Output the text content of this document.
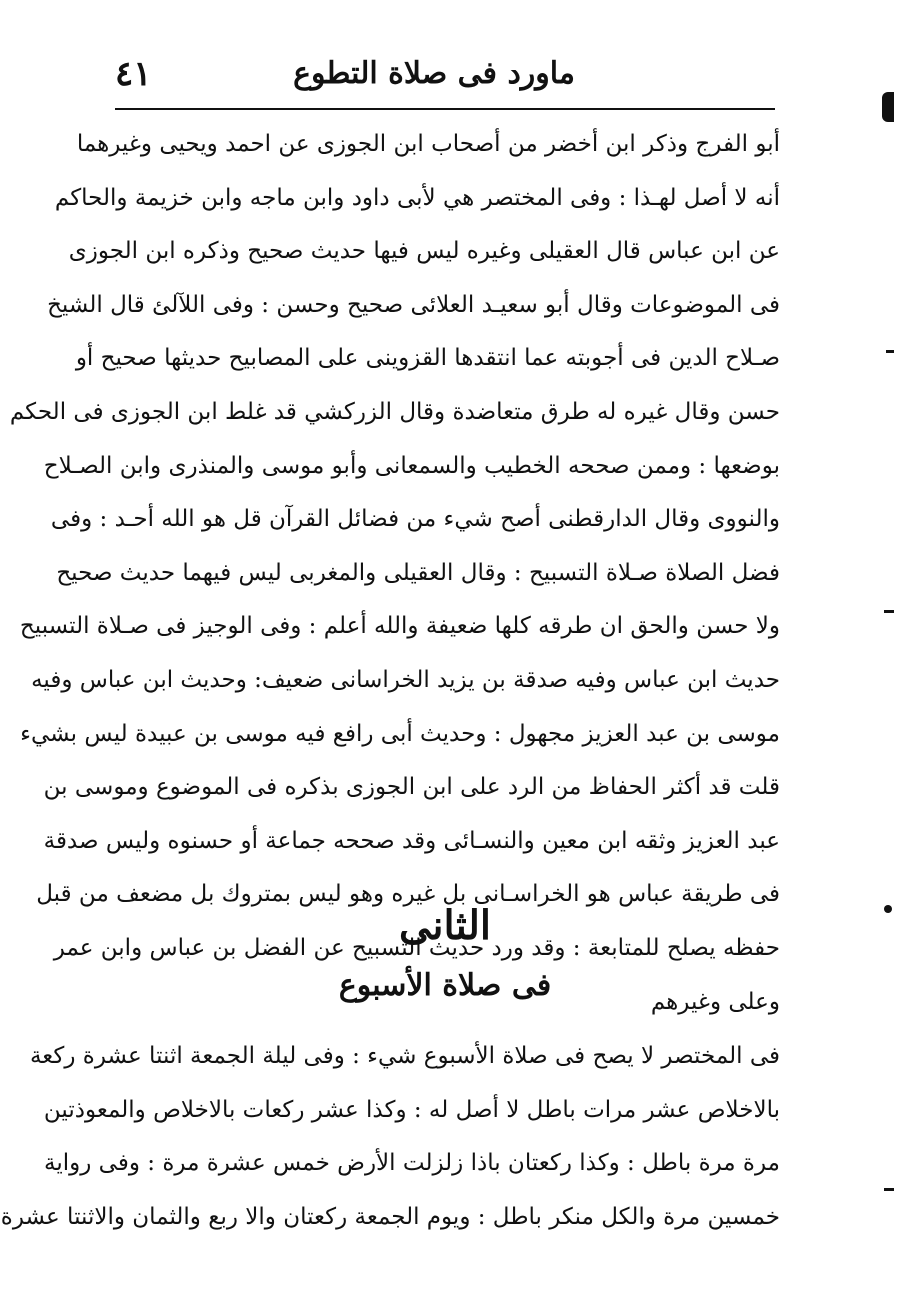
ماورد فى صلاة التطوع
٤١
أبو الفرج وذكر ابن أخضر من أصحاب ابن الجوزى عن احمد ويحيى وغيرهما
أنه لا أصل لهـذا : وفى المختصر هي لأبى داود وابن ماجه وابن خزيمة والحاكم
عن ابن عباس قال العقيلى وغيره ليس فيها حديث صحيح وذكره ابن الجوزى
فى الموضوعات وقال أبو سعيـد العلائى صحيح وحسن : وفى اللآلئ قال الشيخ
صـلاح الدين فى أجوبته عما انتقدها القزوينى على المصابيح حديثها صحيح أو
حسن وقال غيره له طرق متعاضدة وقال الزركشي قد غلط ابن الجوزى فى الحكم
بوضعها : وممن صححه الخطيب والسمعانى وأبو موسى والمنذرى وابن الصـلاح
والنووى وقال الدارقطنى أصح شيء من فضائل القرآن قل هو الله أحـد : وفى
فضل الصلاة صـلاة التسبيح : وقال العقيلى والمغربى ليس فيهما حديث صحيح
ولا حسن والحق ان طرقه كلها ضعيفة والله أعلم : وفى الوجيز فى صـلاة التسبيح
حديث ابن عباس وفيه صدقة بن يزيد الخراسانى ضعيف: وحديث ابن عباس وفيه
موسى بن عبد العزيز مجهول : وحديث أبى رافع فيه موسى بن عبيدة ليس بشيء
قلت قد أكثر الحفاظ من الرد على ابن الجوزى بذكره فى الموضوع وموسى بن
عبد العزيز وثقه ابن معين والنسـائى وقد صححه جماعة أو حسنوه وليس صدقة
فى طريقة عباس هو الخراسـانى بل غيره وهو ليس بمتروك بل مضعف من قبل
حفظه يصلح للمتابعة : وقد ورد حديث التسبيح عن الفضل بن عباس وابن عمر
وعلى وغيرهم
الثانى
فى صلاة الأسبوع
فى المختصر لا يصح فى صلاة الأسبوع شيء : وفى ليلة الجمعة اثنتا عشرة ركعة
بالاخلاص عشر مرات باطل لا أصل له : وكذا عشر ركعات بالاخلاص والمعوذتين
مرة مرة باطل : وكذا ركعتان باذا زلزلت الأرض خمس عشرة مرة : وفى رواية
خمسين مرة والكل منكر باطل : ويوم الجمعة ركعتان والا ربع والثمان والاثنتا عشرة
